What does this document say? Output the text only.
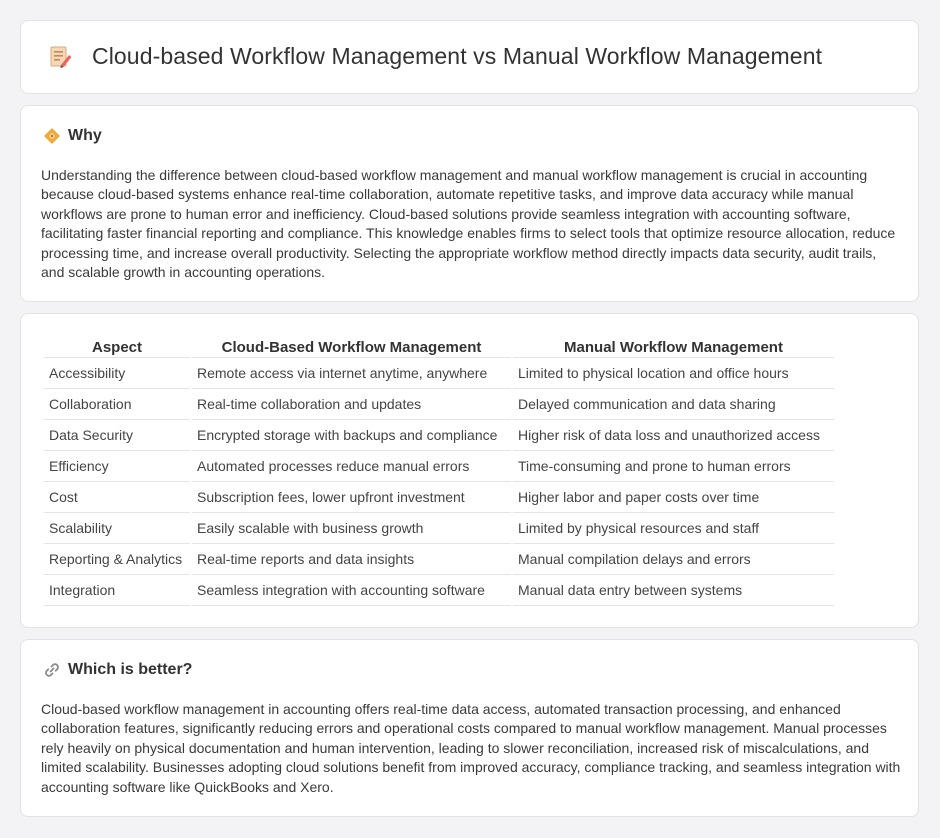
Cloud-based Workflow Management vs Manual Workflow Management
Why

Understanding the difference between cloud-based workflow management and manual workflow management is crucial in accounting because cloud-based systems enhance real-time collaboration, automate repetitive tasks, and improve data accuracy while manual workflows are prone to human error and inefficiency. Cloud-based solutions provide seamless integration with accounting software, facilitating faster financial reporting and compliance. This knowledge enables firms to select tools that optimize resource allocation, reduce processing time, and increase overall productivity. Selecting the appropriate workflow method directly impacts data security, audit trails, and scalable growth in accounting operations.

Aspect	Cloud-Based Workflow Management	Manual Workflow Management
Accessibility	Remote access via internet anytime, anywhere	Limited to physical location and office hours
Collaboration	Real-time collaboration and updates	Delayed communication and data sharing
Data Security	Encrypted storage with backups and compliance	Higher risk of data loss and unauthorized access
Efficiency	Automated processes reduce manual errors	Time-consuming and prone to human errors
Cost	Subscription fees, lower upfront investment	Higher labor and paper costs over time
Scalability	Easily scalable with business growth	Limited by physical resources and staff
Reporting & Analytics	Real-time reports and data insights	Manual compilation delays and errors
Integration	Seamless integration with accounting software	Manual data entry between systems
Which is better?

Cloud-based workflow management in accounting offers real-time data access, automated transaction processing, and enhanced collaboration features, significantly reducing errors and operational costs compared to manual workflow management. Manual processes rely heavily on physical documentation and human intervention, leading to slower reconciliation, increased risk of miscalculations, and limited scalability. Businesses adopting cloud solutions benefit from improved accuracy, compliance tracking, and seamless integration with accounting software like QuickBooks and Xero.
